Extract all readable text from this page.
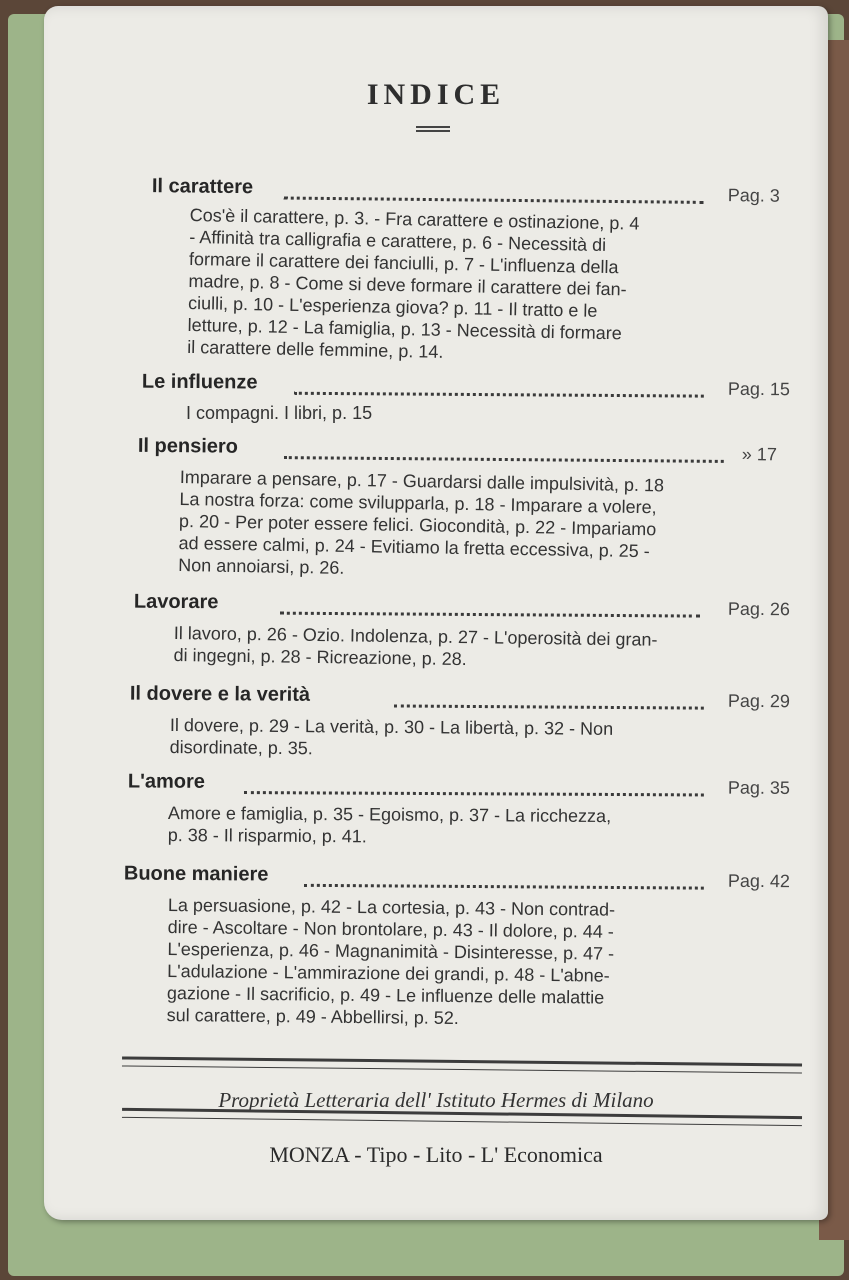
INDICE
Il carattere	Pag. 3
Cos'è il carattere, p. 3. - Fra carattere e ostinazione, p. 4
- Affinità tra calligrafia e carattere, p. 6 - Necessità di
formare il carattere dei fanciulli, p. 7 - L'influenza della
madre, p. 8 - Come si deve formare il carattere dei fan-
ciulli, p. 10 - L'esperienza giova? p. 11 - Il tratto e le
letture, p. 12 - La famiglia, p. 13 - Necessità di formare
il carattere delle femmine, p. 14.
Le influenze	Pag. 15
I compagni. I libri, p. 15
Il pensiero	» 17
Imparare a pensare, p. 17 - Guardarsi dalle impulsività, p. 18
La nostra forza: come svilupparla, p. 18 - Imparare a volere,
p. 20 - Per poter essere felici. Giocondità, p. 22 - Impariamo
ad essere calmi, p. 24 - Evitiamo la fretta eccessiva, p. 25 -
Non annoiarsi, p. 26.
Lavorare	Pag. 26
Il lavoro, p. 26 - Ozio. Indolenza, p. 27 - L'operosità dei gran-
di ingegni, p. 28 - Ricreazione, p. 28.
Il dovere e la verità	Pag. 29
Il dovere, p. 29 - La verità, p. 30 - La libertà, p. 32 - Non
disordinate, p. 35.
L'amore	Pag. 35
Amore e famiglia, p. 35 - Egoismo, p. 37 - La ricchezza,
p. 38 - Il risparmio, p. 41.
Buone maniere	Pag. 42
La persuasione, p. 42 - La cortesia, p. 43 - Non contrad-
dire - Ascoltare - Non brontolare, p. 43 - Il dolore, p. 44 -
L'esperienza, p. 46 - Magnanimità - Disinteresse, p. 47 -
L'adulazione - L'ammirazione dei grandi, p. 48 - L'abne-
gazione - Il sacrificio, p. 49 - Le influenze delle malattie
sul carattere, p. 49 - Abbellirsi, p. 52.
Proprietà Letteraria dell' Istituto Hermes di Milano
MONZA - Tipo - Lito - L' Economica
